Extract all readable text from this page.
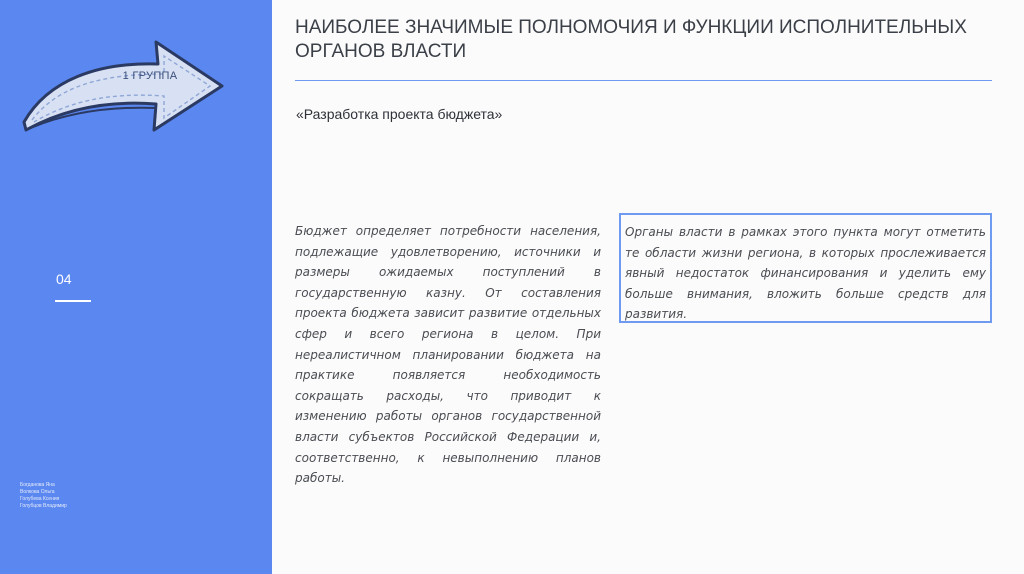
1 ГРУППА
04
Богданова Яна
Волкова Ольга
Голубева Ксения
Голубцов Владимир
НАИБОЛЕЕ ЗНАЧИМЫЕ ПОЛНОМОЧИЯ И ФУНКЦИИ ИСПОЛНИТЕЛЬНЫХ ОРГАНОВ ВЛАСТИ
«Разработка проекта бюджета»
Бюджет определяет потребности населения, подлежащие удовлетворению, источники и размеры ожидаемых поступлений в государственную казну. От составления проекта бюджета зависит развитие отдельных сфер и всего региона в целом. При нереалистичном планировании бюджета на практике появляется необходимость сокращать расходы, что приводит к изменению работы органов государственной власти субъектов Российской Федерации и, соответственно, к невыполнению планов работы.
Органы власти в рамках этого пункта могут отметить те области жизни региона, в которых прослеживается явный недостаток финансирования и уделить ему больше внимания, вложить больше средств для развития.
